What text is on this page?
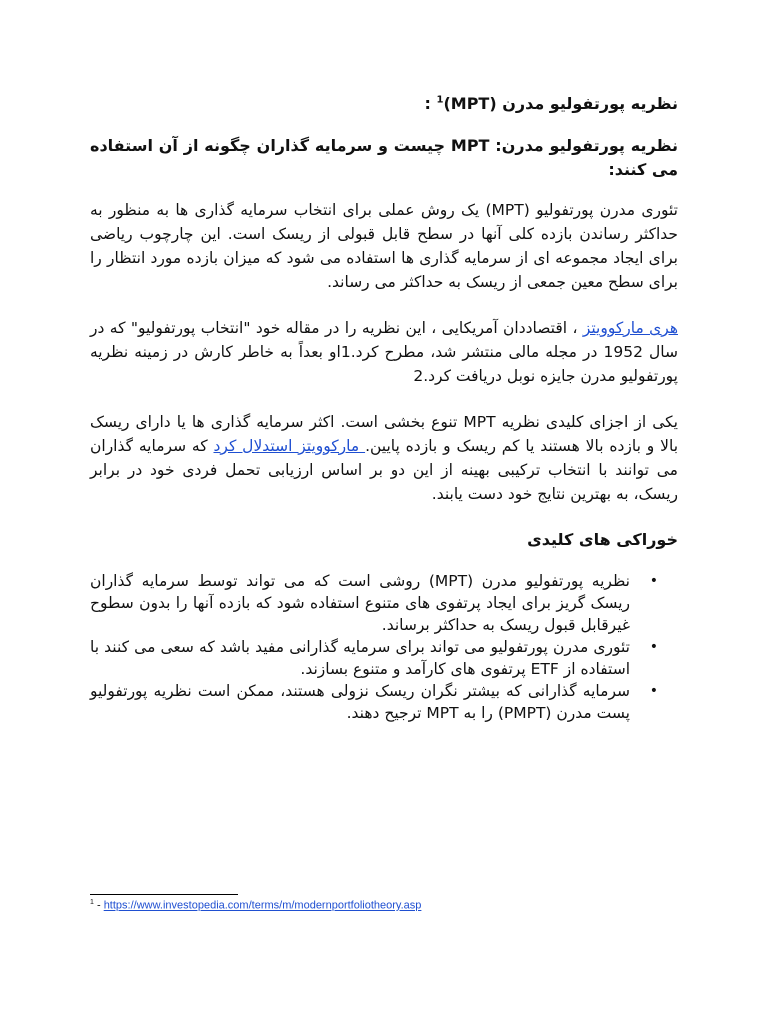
نظریه پورتفولیو مدرن (MPT)$^1$ :
نظریه پورتفولیو مدرن: MPT چیست و سرمایه گذاران چگونه از آن استفاده می کنند:

تئوری مدرن پورتفولیو (MPT) یک روش عملی برای انتخاب سرمایه گذاری ها به منظور به حداکثر رساندن بازده کلی آنها در سطح قابل قبولی از ریسک است. این چارچوب ریاضی برای ایجاد مجموعه ای از سرمایه گذاری ها استفاده می شود که میزان بازده مورد انتظار را برای سطح معین جمعی از ریسک به حداکثر می رساند.

هری مارکوویتز ، اقتصاددان آمریکایی ، این نظریه را در مقاله خود "انتخاب پورتفولیو" که در سال 1952 در مجله مالی منتشر شد، مطرح کرد.1او بعداً به خاطر کارش در زمینه نظریه پورتفولیو مدرن جایزه نوبل دریافت کرد.2

یکی از اجزای کلیدی نظریه MPT تنوع بخشی است. اکثر سرمایه گذاری ها یا دارای ریسک بالا و بازده بالا هستند یا کم ریسک و بازده پایین. مارکوویتز استدلال کرد که سرمایه گذاران می توانند با انتخاب ترکیبی بهینه از این دو بر اساس ارزیابی تحمل فردی خود در برابر ریسک، به بهترین نتایج خود دست یابند.

خوراکی های کلیدی
•
نظریه پورتفولیو مدرن (MPT) روشی است که می تواند توسط سرمایه گذاران ریسک گریز برای ایجاد پرتفوی های متنوع استفاده شود که بازده آنها را بدون سطوح غیرقابل قبول ریسک به حداکثر برساند.
•
تئوری مدرن پورتفولیو می تواند برای سرمایه گذارانی مفید باشد که سعی می کنند با استفاده از ETF پرتفوی های کارآمد و متنوع بسازند.
•
سرمایه گذارانی که بیشتر نگران ریسک نزولی هستند، ممکن است نظریه پورتفولیو پست مدرن (PMPT) را به MPT ترجیح دهند.
$^1$ - https://www.investopedia.com/terms/m/modernportfoliotheory.asp
